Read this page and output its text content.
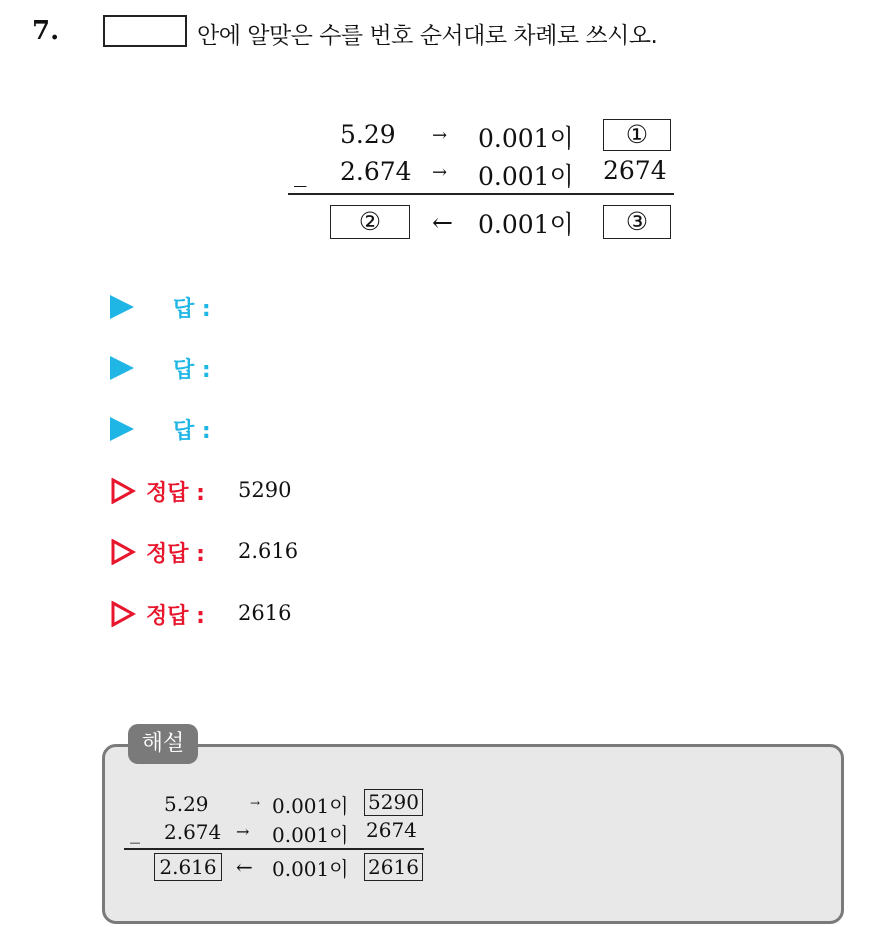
7.	안에 알맞은 수를 번호 순서대로 차례로 쓰시오.
5.29 → 0.001이	①
_ 2.674 → 0.001이 2674
②	← 0.001이	③
답 :
답 :
답 :
정답 : 5290
정답 : 2.616
정답 : 2616
해설
5.29	→ 0.001이 5290
_ 2.674 → 0.001이 2674
2.616 ← 0.001이 2616
